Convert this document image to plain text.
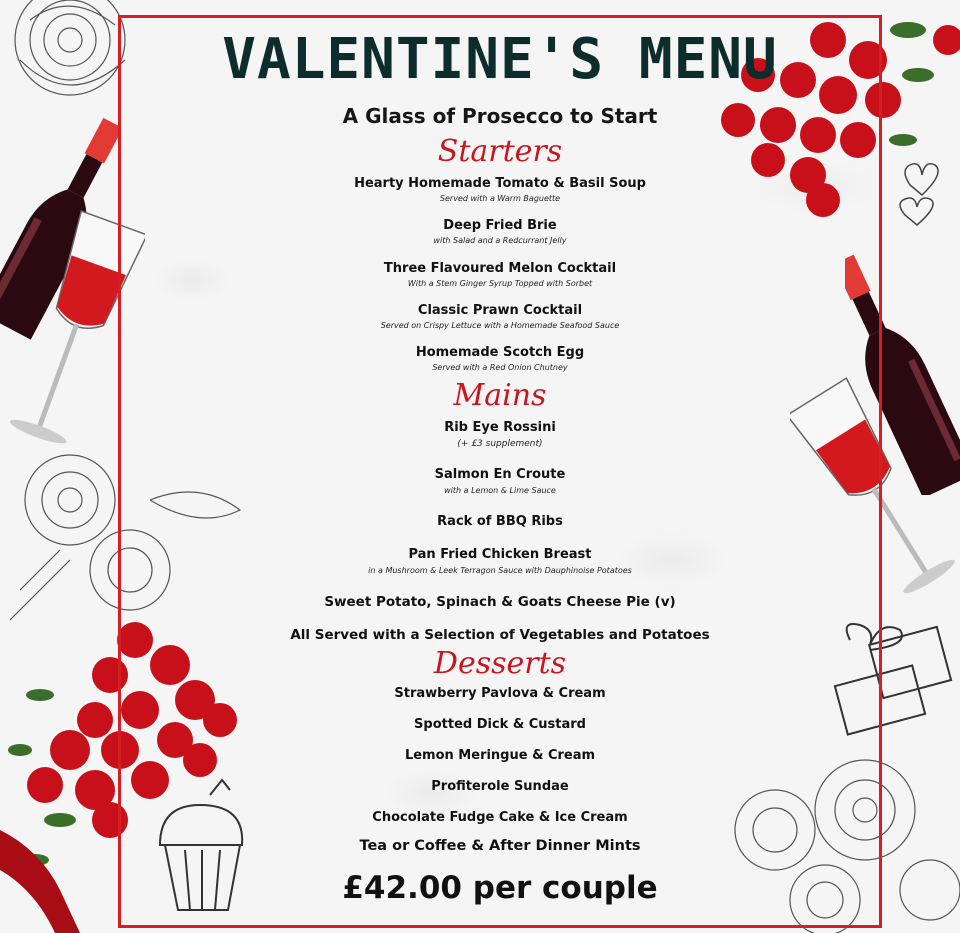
VALENTINE'S MENU

A Glass of Prosecco to Start

Starters

Hearty Homemade Tomato & Basil Soup

Served with a Warm Baguette

Deep Fried Brie

with Salad and a Redcurrant Jelly

Three Flavoured Melon Cocktail

With a Stem Ginger Syrup Topped with Sorbet

Classic Prawn Cocktail

Served on Crispy Lettuce with a Homemade Seafood Sauce

Homemade Scotch Egg

Served with a Red Onion Chutney

Mains

Rib Eye Rossini

(+ £3 supplement)

Salmon En Croute

with a Lemon & Lime Sauce

Rack of BBQ Ribs

Pan Fried Chicken Breast

in a Mushroom & Leek Terragon Sauce with Dauphinoise Potatoes

Sweet Potato, Spinach & Goats Cheese Pie (v)

All Served with a Selection of Vegetables and Potatoes

Desserts

Strawberry Pavlova & Cream

Spotted Dick & Custard

Lemon Meringue & Cream

Profiterole Sundae

Chocolate Fudge Cake & Ice Cream

Tea or Coffee & After Dinner Mints

£42.00 per couple
